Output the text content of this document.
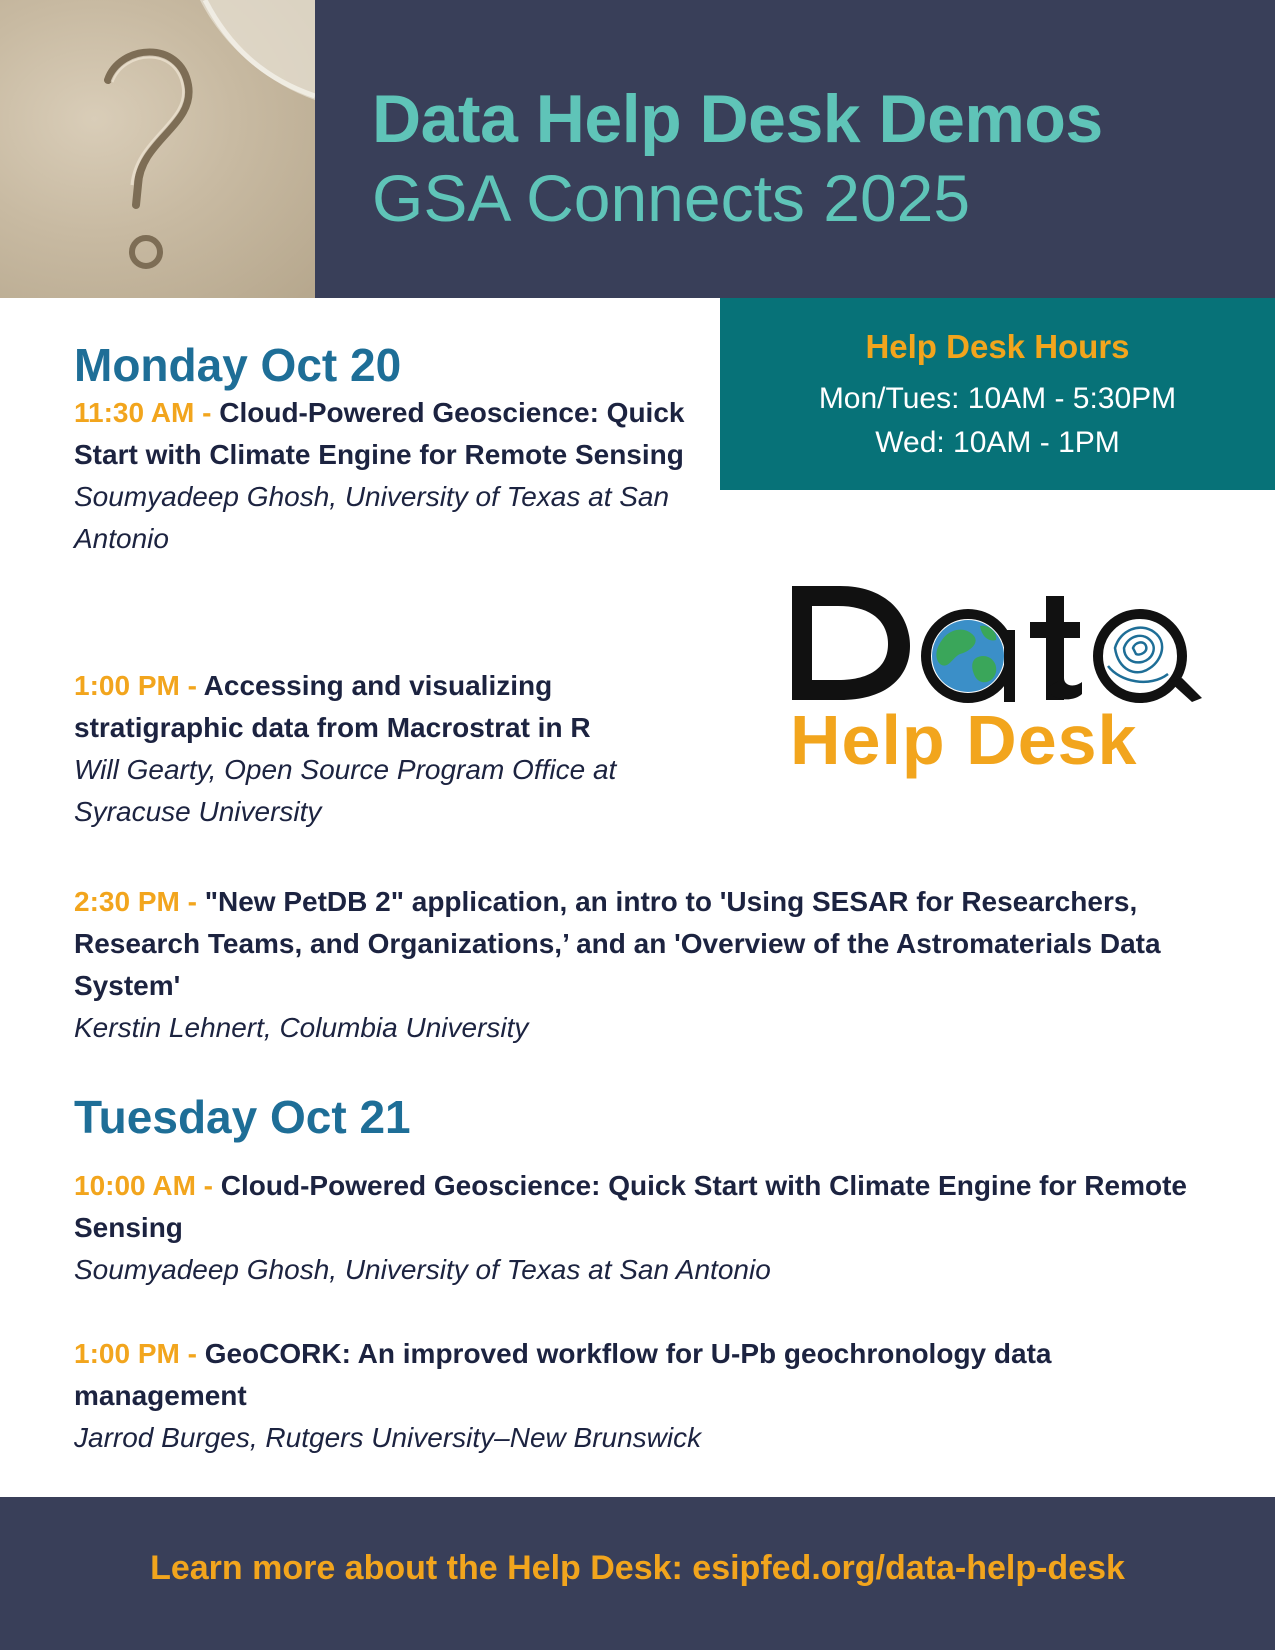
Data Help Desk Demos
GSA Connects 2025
Help Desk Hours
Mon/Tues: 10AM - 5:30PM
Wed: 10AM - 1PM
Help Desk
Monday Oct 20
11:30 AM - Cloud-Powered Geoscience: Quick Start with Climate Engine for Remote Sensing
Soumyadeep Ghosh, University of Texas at San Antonio
1:00 PM - Accessing and visualizing stratigraphic data from Macrostrat in R
Will Gearty, Open Source Program Office at Syracuse University
2:30 PM - "New PetDB 2" application, an intro to 'Using SESAR for Researchers, Research Teams, and Organizations,’ and an 'Overview of the Astromaterials Data System'
Kerstin Lehnert, Columbia University
Tuesday Oct 21
10:00 AM - Cloud-Powered Geoscience: Quick Start with Climate Engine for Remote Sensing
Soumyadeep Ghosh, University of Texas at San Antonio
1:00 PM - GeoCORK: An improved workflow for U-Pb geochronology data management
Jarrod Burges, Rutgers University–New Brunswick
Learn more about the Help Desk: esipfed.org/data-help-desk
